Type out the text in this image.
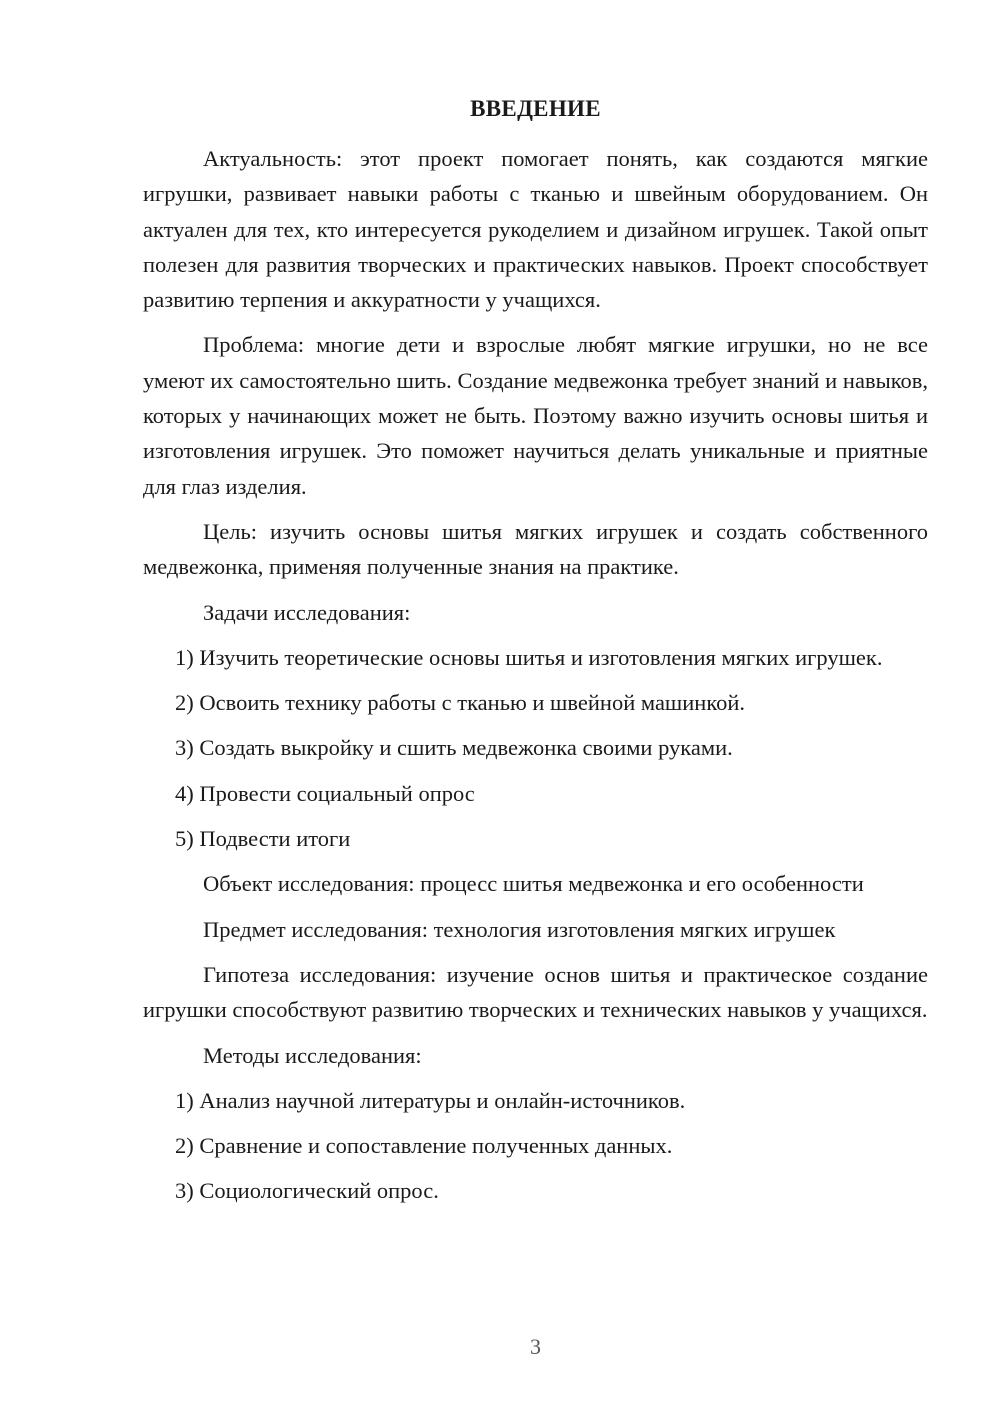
ВВЕДЕНИЕ

Актуальность: этот проект помогает понять, как создаются мягкие игрушки, развивает навыки работы с тканью и швейным оборудованием. Он актуален для тех, кто интересуется рукоделием и дизайном игрушек. Такой опыт полезен для развития творческих и практических навыков. Проект способствует развитию терпения и аккуратности у учащихся.

Проблема: многие дети и взрослые любят мягкие игрушки, но не все умеют их самостоятельно шить. Создание медвежонка требует знаний и навыков, которых у начинающих может не быть. Поэтому важно изучить основы шитья и изготовления игрушек. Это поможет научиться делать уникальные и приятные для глаз изделия.

Цель: изучить основы шитья мягких игрушек и создать собственного медвежонка, применяя полученные знания на практике.

Задачи исследования:

1) Изучить теоретические основы шитья и изготовления мягких игрушек.

2) Освоить технику работы с тканью и швейной машинкой.

3) Создать выкройку и сшить медвежонка своими руками.

4) Провести социальный опрос

5) Подвести итоги

Объект исследования: процесс шитья медвежонка и его особенности

Предмет исследования: технология изготовления мягких игрушек

Гипотеза исследования: изучение основ шитья и практическое создание игрушки способствуют развитию творческих и технических навыков у учащихся.

Методы исследования:

1) Анализ научной литературы и онлайн-источников.

2) Сравнение и сопоставление полученных данных.

3) Социологический опрос.

3
